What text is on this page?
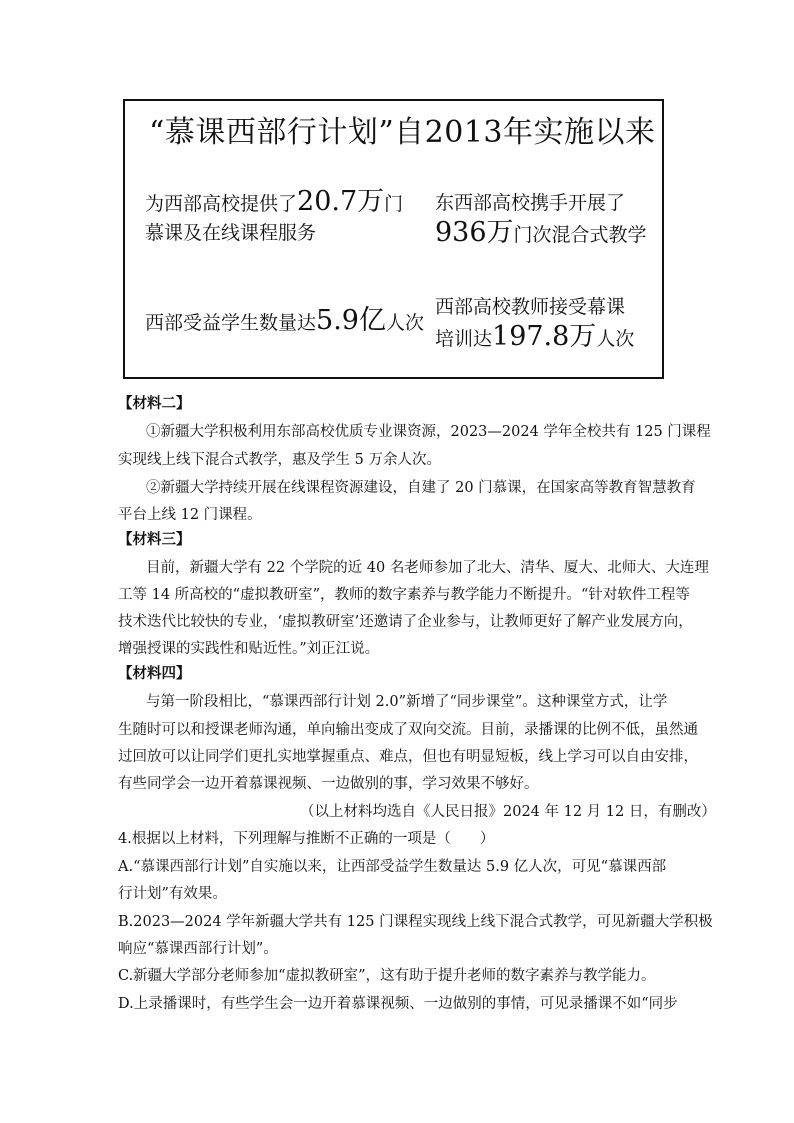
“慕课西部行计划”自2013年实施以来
为西部高校提供了20.7万门
慕课及在线课程服务
东西部高校携手开展了
936万门次混合式教学
西部受益学生数量达5.9亿人次
西部高校教师接受幕课
培训达197.8万人次
【材料二】
①新疆大学积极利用东部高校优质专业课资源，2023—2024 学年全校共有 125 门课程
实现线上线下混合式教学，惠及学生 5 万余人次。
②新疆大学持续开展在线课程资源建设，自建了 20 门慕课，在国家高等教育智慧教育
平台上线 12 门课程。
【材料三】
目前，新疆大学有 22 个学院的近 40 名老师参加了北大、清华、厦大、北师大、大连理
工等 14 所高校的“虚拟教研室”，教师的数字素养与教学能力不断提升。“针对软件工程等
技术迭代比较快的专业，‘虚拟教研室’还邀请了企业参与，让教师更好了解产业发展方向，
增强授课的实践性和贴近性。”刘正江说。
【材料四】
与第一阶段相比，“慕课西部行计划 2.0”新增了“同步课堂”。这种课堂方式，让学
生随时可以和授课老师沟通，单向输出变成了双向交流。目前，录播课的比例不低，虽然通
过回放可以让同学们更扎实地掌握重点、难点，但也有明显短板，线上学习可以自由安排，
有些同学会一边开着慕课视频、一边做别的事，学习效果不够好。
（以上材料均选自《人民日报》2024 年 12 月 12 日，有删改）
4.根据以上材料，下列理解与推断不正确的一项是（　　）
A.“慕课西部行计划”自实施以来，让西部受益学生数量达 5.9 亿人次，可见“慕课西部
行计划”有效果。
B.2023—2024 学年新疆大学共有 125 门课程实现线上线下混合式教学，可见新疆大学积极
响应“慕课西部行计划”。
C.新疆大学部分老师参加“虚拟教研室”，这有助于提升老师的数字素养与教学能力。
D.上录播课时，有些学生会一边开着慕课视频、一边做别的事情，可见录播课不如“同步
